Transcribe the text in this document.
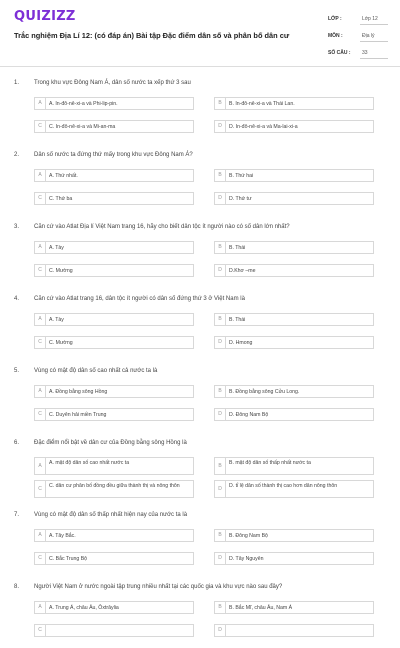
QUIZIZZ
Trắc nghiệm Địa Lí 12: (có đáp án) Bài tập Đặc điểm dân số và phân bố dân cư
LỚP :	Lớp 12
MÔN :	Địa lý
SỐ CÂU : 33
1. Trong khu vực Đông Nam Á, dân số nước ta xếp thứ 3 sau
A	A. In-đô-nê-xi-a và Phi-lip-pin.	B	B. In-đô-nê-xi-a và Thái Lan.
C	C. In-đô-nê-xi-a và Mi-an-ma	D	D. In-đô-nê-xi-a và Ma-lai-xi-a
2. Dân số nước ta đứng thứ mấy trong khu vực Đông Nam Á?
A	A. Thứ nhất.	B	B. Thứ hai
C	C. Thứ ba	D	D. Thứ tư
3. Căn cứ vào Atlat Địa lí Việt Nam trang 16, hãy cho biết dân tộc ít người nào có số dân lớn nhất?
A	A. Tày	B	B. Thái
C	C. Mường	D	D.Khơ –me
4. Căn cứ vào Atlat trang 16, dân tộc ít người có dân số đứng thứ 3 ở Việt Nam là
A	A. Tày	B	B. Thái
C	C. Mường	D	D. Hmong
5. Vùng có mật độ dân số cao nhất cả nước ta là
A	A. Đồng bằng sông Hồng	B	B. Đồng bằng sông Cửu Long.
C	C. Duyên hải miền Trung	D	D. Đông Nam Bộ
6. Đặc điểm nổi bật về dân cư của Đồng bằng sông Hồng là
A	A. mật độ dân số cao nhất nước ta	B	B. mật độ dân số thấp nhất nước ta
C	C. dân cư phân bố đồng đều giữa thành thị và nông thôn	D	D. tỉ lệ dân số thành thị cao hơn dân nông thôn
7. Vùng có mật độ dân số thấp nhất hiện nay của nước ta là
A	A. Tây Bắc.	B	B. Đông Nam Bộ
C	C. Bắc Trung Bộ	D	D. Tây Nguyên
8. Người Việt Nam ở nước ngoài tập trung nhiều nhất tại các quốc gia và khu vực nào sau đây?
A	A. Trung Á, châu Âu, Ôxtrâylia	B	B. Bắc Mĩ, châu Âu, Nam Á
C	D
